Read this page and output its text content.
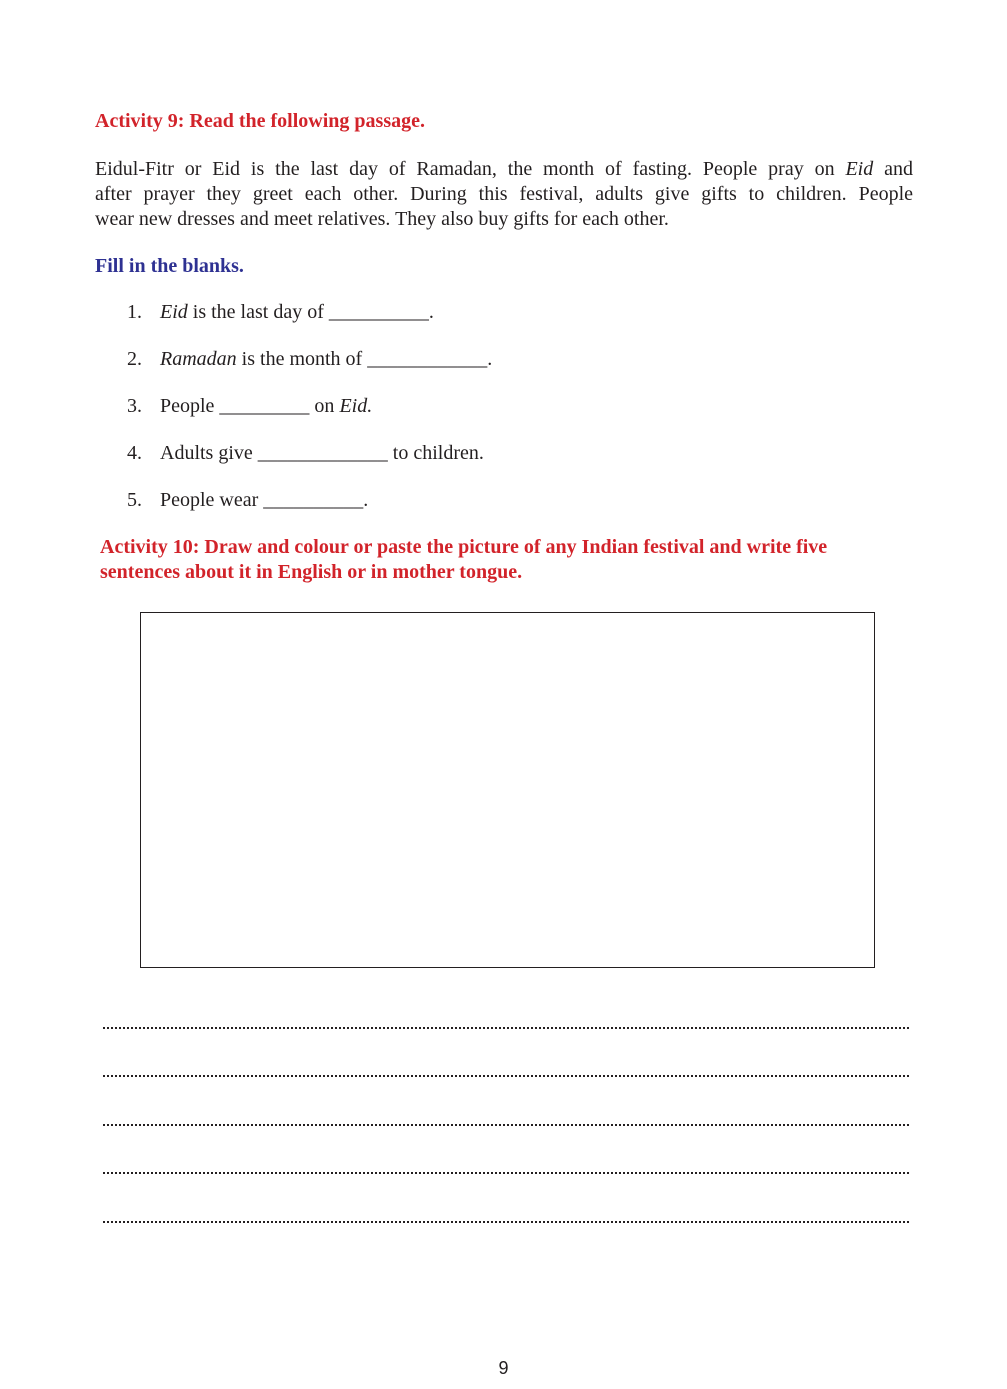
Activity 9: Read the following passage.
Eidul-Fitr or Eid is the last day of Ramadan, the month of fasting. People pray on Eid and
after prayer they greet each other. During this festival, adults give gifts to children. People
wear new dresses and meet relatives. They also buy gifts for each other.
Fill in the blanks.
1. Eid is the last day of __________.
2. Ramadan is the month of ____________.
3. People _________ on Eid.
4. Adults give _____________ to children.
5. People wear __________.
Activity 10: Draw and colour or paste the picture of any Indian festival and write five
sentences about it in English or in mother tongue.
9
